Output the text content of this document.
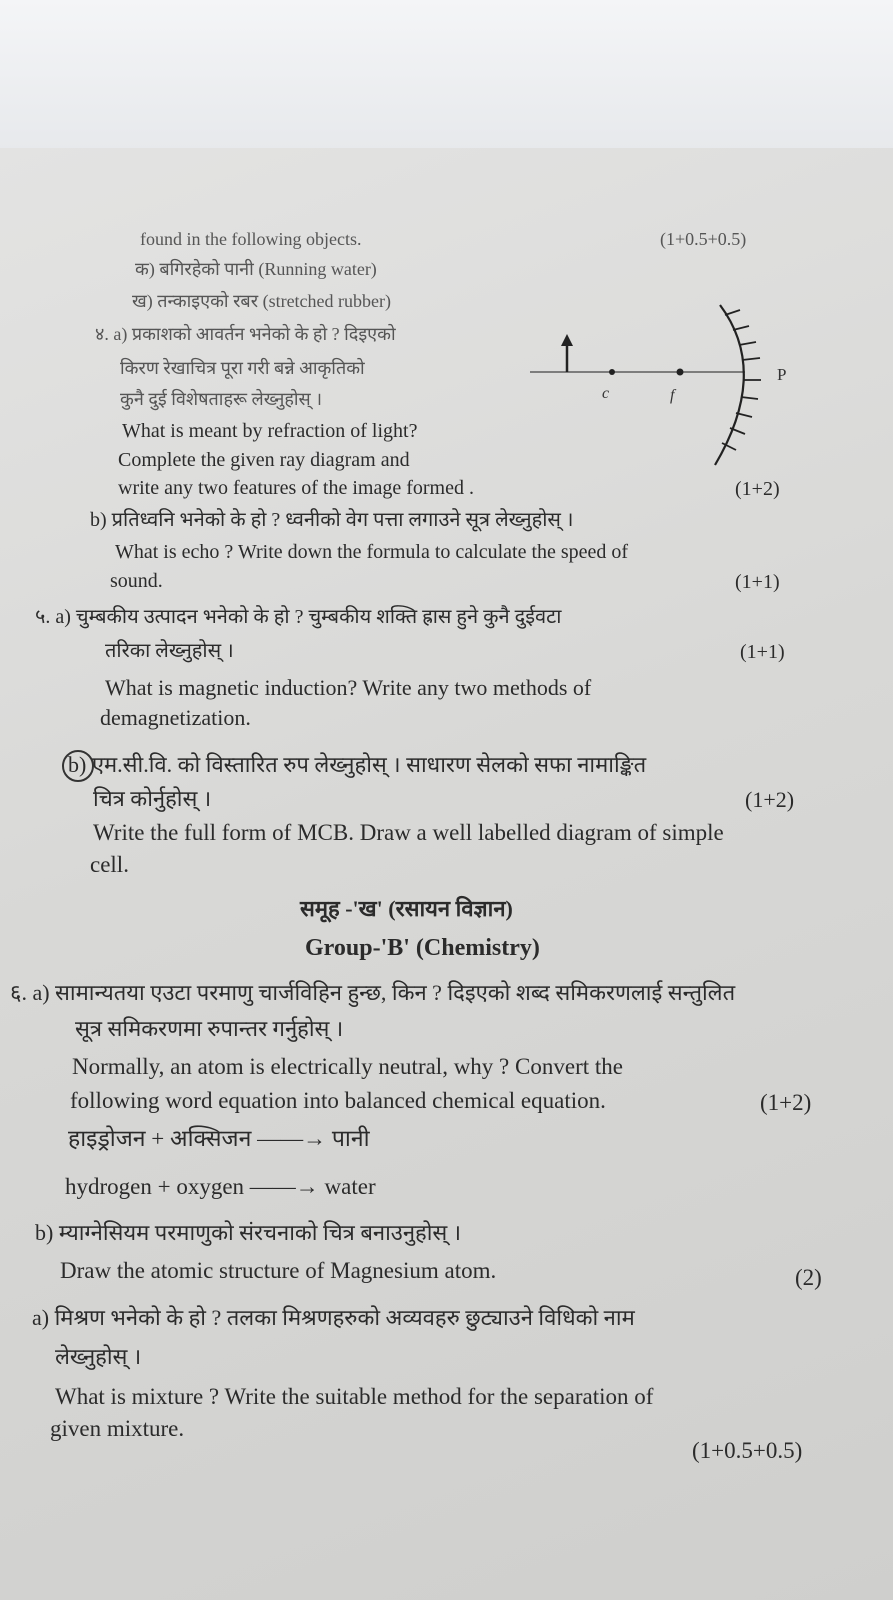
found in the following objects.	(1+0.5+0.5)
क) बगिरहेको पानी (Running water)
ख) तन्काइएको रबर (stretched rubber)
४. a) प्रकाशको आवर्तन भनेको के हो ? दिइएको
किरण रेखाचित्र पूरा गरी बन्ने आकृतिको
कुनै दुई विशेषताहरू लेख्नुहोस् ।
What is meant by refraction of light?
Complete the given ray diagram and
write any two features of the image formed .	(1+2)
c	f
P
b) प्रतिध्वनि भनेको के हो ? ध्वनीको वेग पत्ता लगाउने सूत्र लेख्नुहोस् ।
What is echo ? Write down the formula to calculate the speed of
sound.	(1+1)
५. a) चुम्बकीय उत्पादन भनेको के हो ? चुम्बकीय शक्ति ह्रास हुने कुनै दुईवटा
तरिका लेख्नुहोस् ।	(1+1)
What is magnetic induction? Write any two methods of
demagnetization.
b) एम.सी.वि. को विस्तारित रुप लेख्नुहोस् । साधारण सेलको सफा नामाङ्कित
चित्र कोर्नुहोस् ।	(1+2)
Write the full form of MCB. Draw a well labelled diagram of simple
cell.
समूह -'ख' (रसायन विज्ञान)
Group-'B' (Chemistry)
६. a) सामान्यतया एउटा परमाणु चार्जविहिन हुन्छ, किन ? दिइएको शब्द समिकरणलाई सन्तुलित
सूत्र समिकरणमा रुपान्तर गर्नुहोस् ।
Normally, an atom is electrically neutral, why ? Convert the
following word equation into balanced chemical equation.	(1+2)
हाइड्रोजन + अक्सिजन ——→ पानी
hydrogen + oxygen ——→ water
b) म्याग्नेसियम परमाणुको संरचनाको चित्र बनाउनुहोस् ।
Draw the atomic structure of Magnesium atom.	(2)
a) मिश्रण भनेको के हो ? तलका मिश्रणहरुको अव्यवहरु छुट्याउने विधिको नाम
लेख्नुहोस् ।
What is mixture ? Write the suitable method for the separation of
given mixture.
(1+0.5+0.5)
